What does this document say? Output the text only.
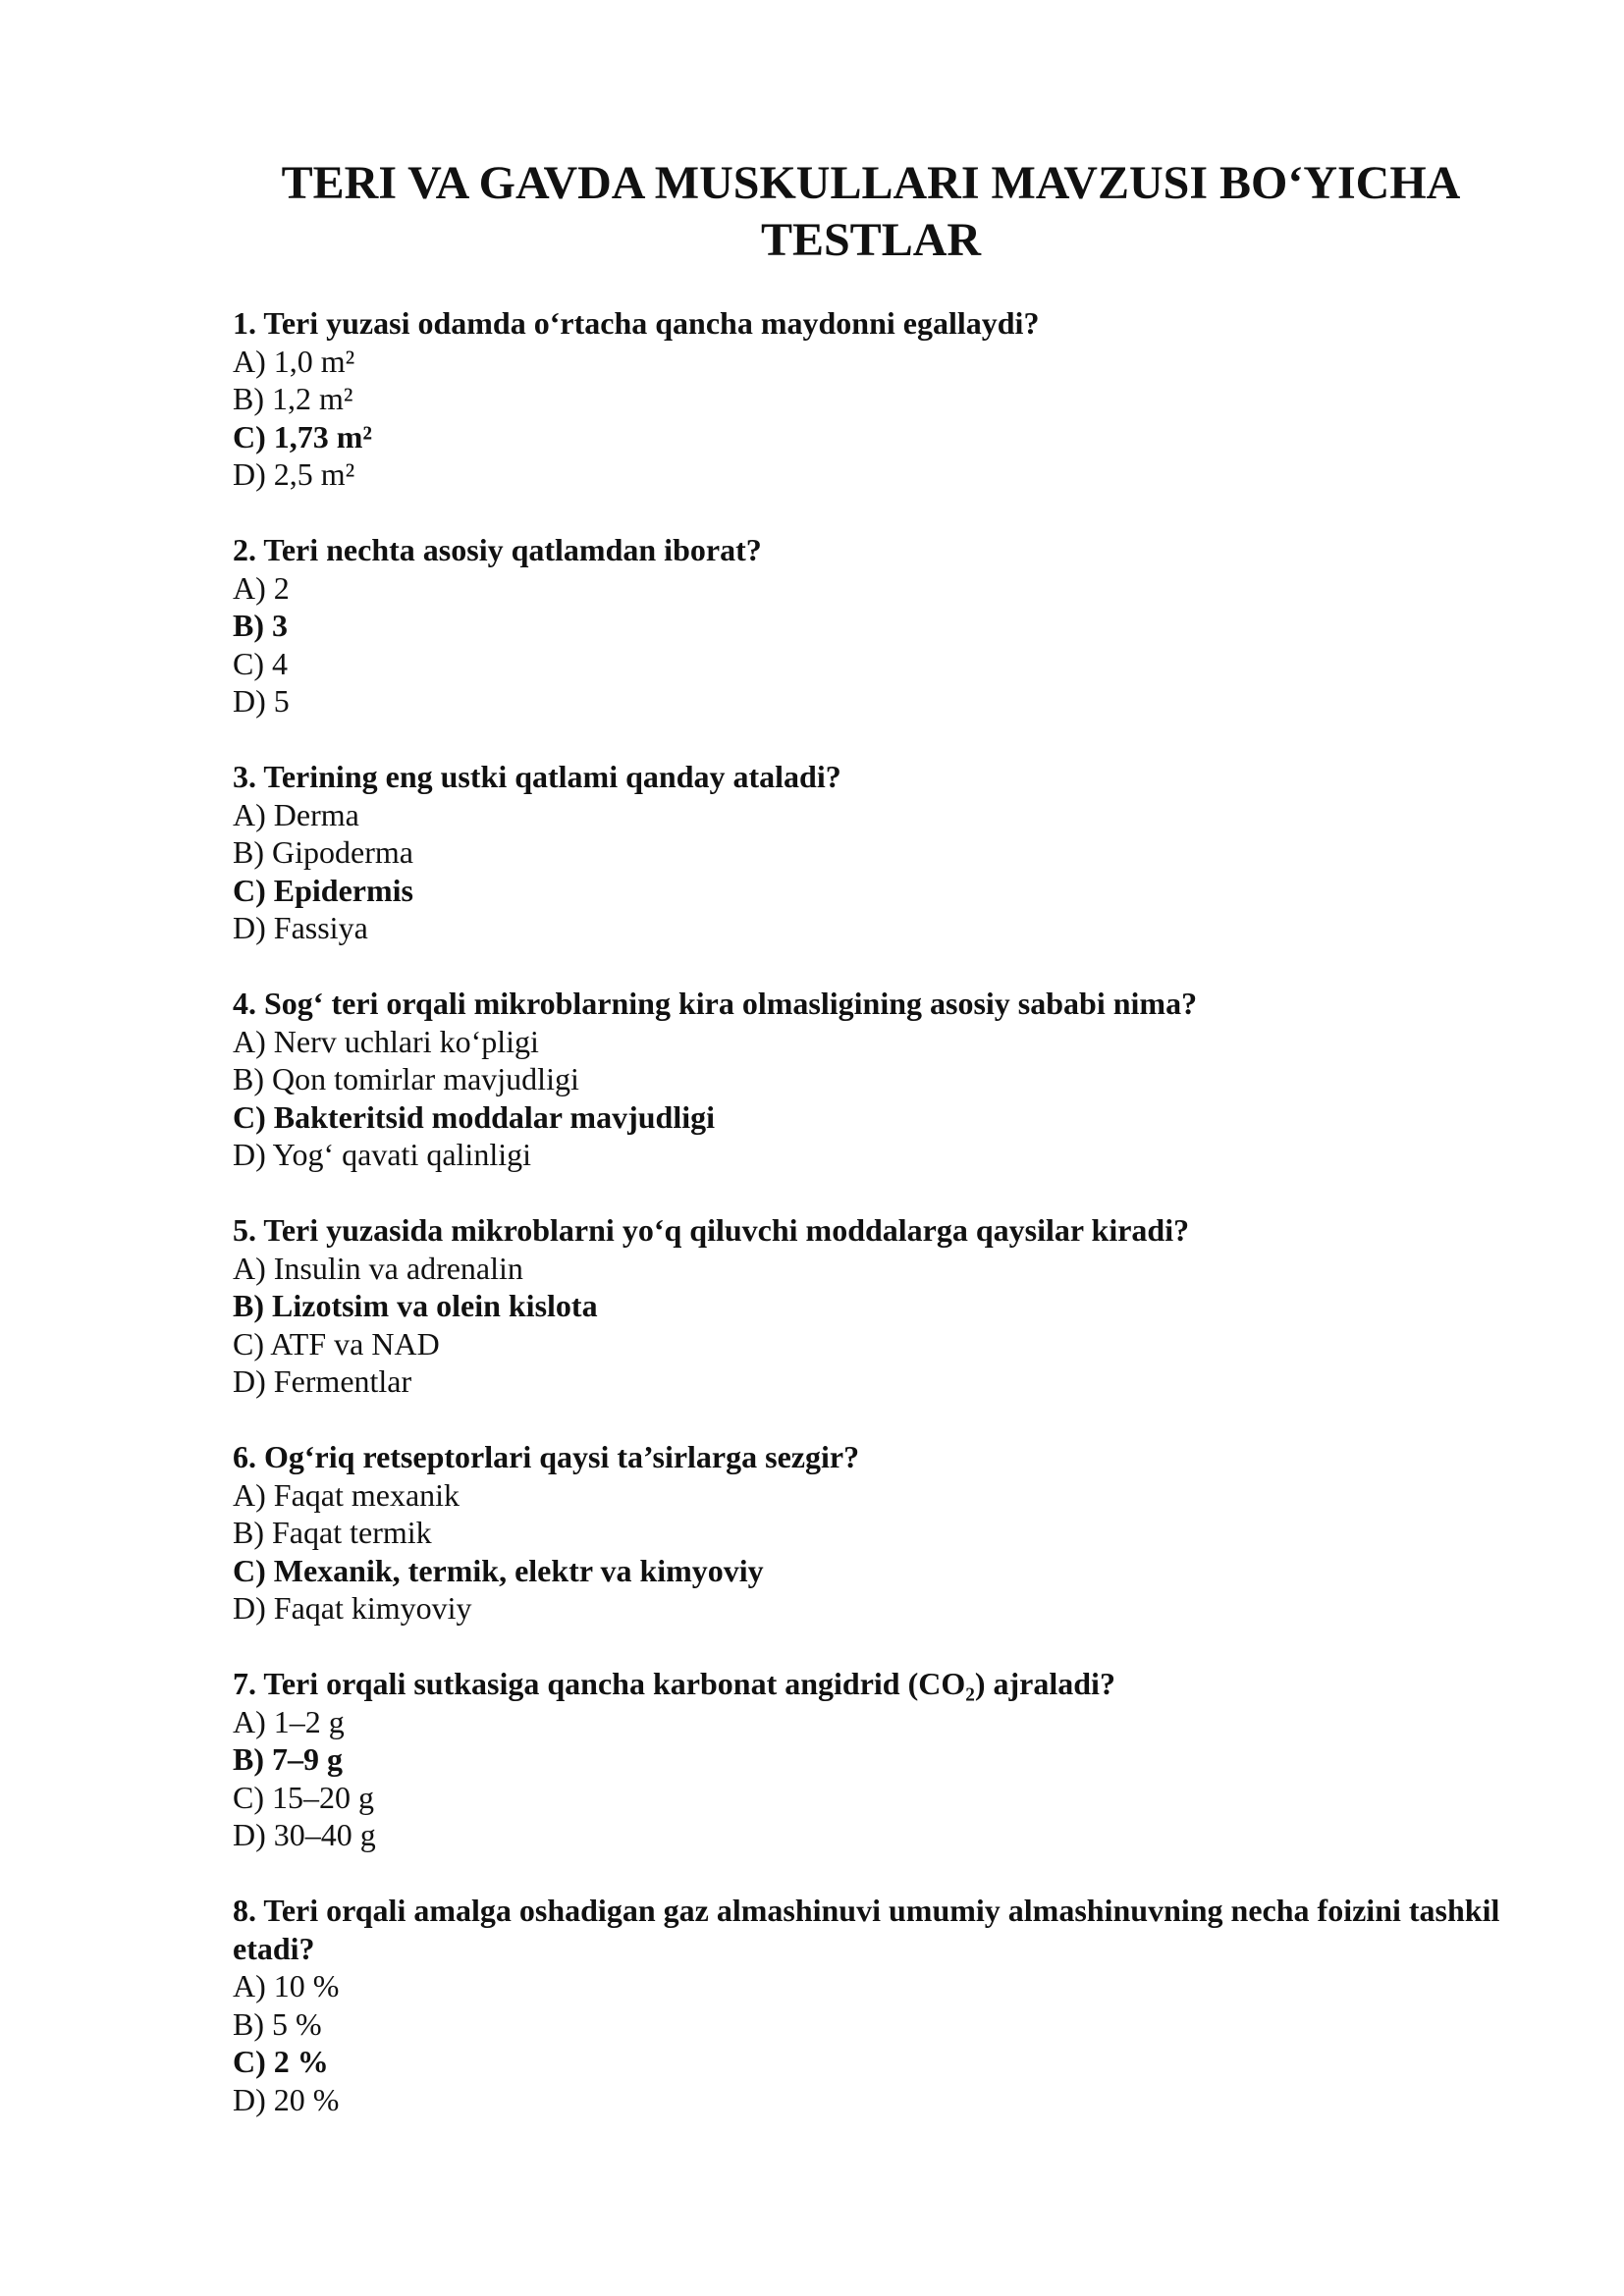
TERI VA GAVDA MUSKULLARI MAVZUSI BO‘YICHA TESTLAR

1. Teri yuzasi odamda o‘rtacha qancha maydonni egallaydi?

A) 1,0 m²

B) 1,2 m²

C) 1,73 m²

D) 2,5 m²

2. Teri nechta asosiy qatlamdan iborat?

A) 2

B) 3

C) 4

D) 5

3. Terining eng ustki qatlami qanday ataladi?

A) Derma

B) Gipoderma

C) Epidermis

D) Fassiya

4. Sog‘ teri orqali mikroblarning kira olmasligining asosiy sababi nima?

A) Nerv uchlari ko‘pligi

B) Qon tomirlar mavjudligi

C) Bakteritsid moddalar mavjudligi

D) Yog‘ qavati qalinligi

5. Teri yuzasida mikroblarni yo‘q qiluvchi moddalarga qaysilar kiradi?

A) Insulin va adrenalin

B) Lizotsim va olein kislota

C) ATF va NAD

D) Fermentlar

6. Og‘riq retseptorlari qaysi ta’sirlarga sezgir?

A) Faqat mexanik

B) Faqat termik

C) Mexanik, termik, elektr va kimyoviy

D) Faqat kimyoviy

7. Teri orqali sutkasiga qancha karbonat angidrid (CO₂) ajraladi?

A) 1–2 g

B) 7–9 g

C) 15–20 g

D) 30–40 g

8. Teri orqali amalga oshadigan gaz almashinuvi umumiy almashinuvning necha foizini tashkil etadi?

A) 10 %

B) 5 %

C) 2 %

D) 20 %
